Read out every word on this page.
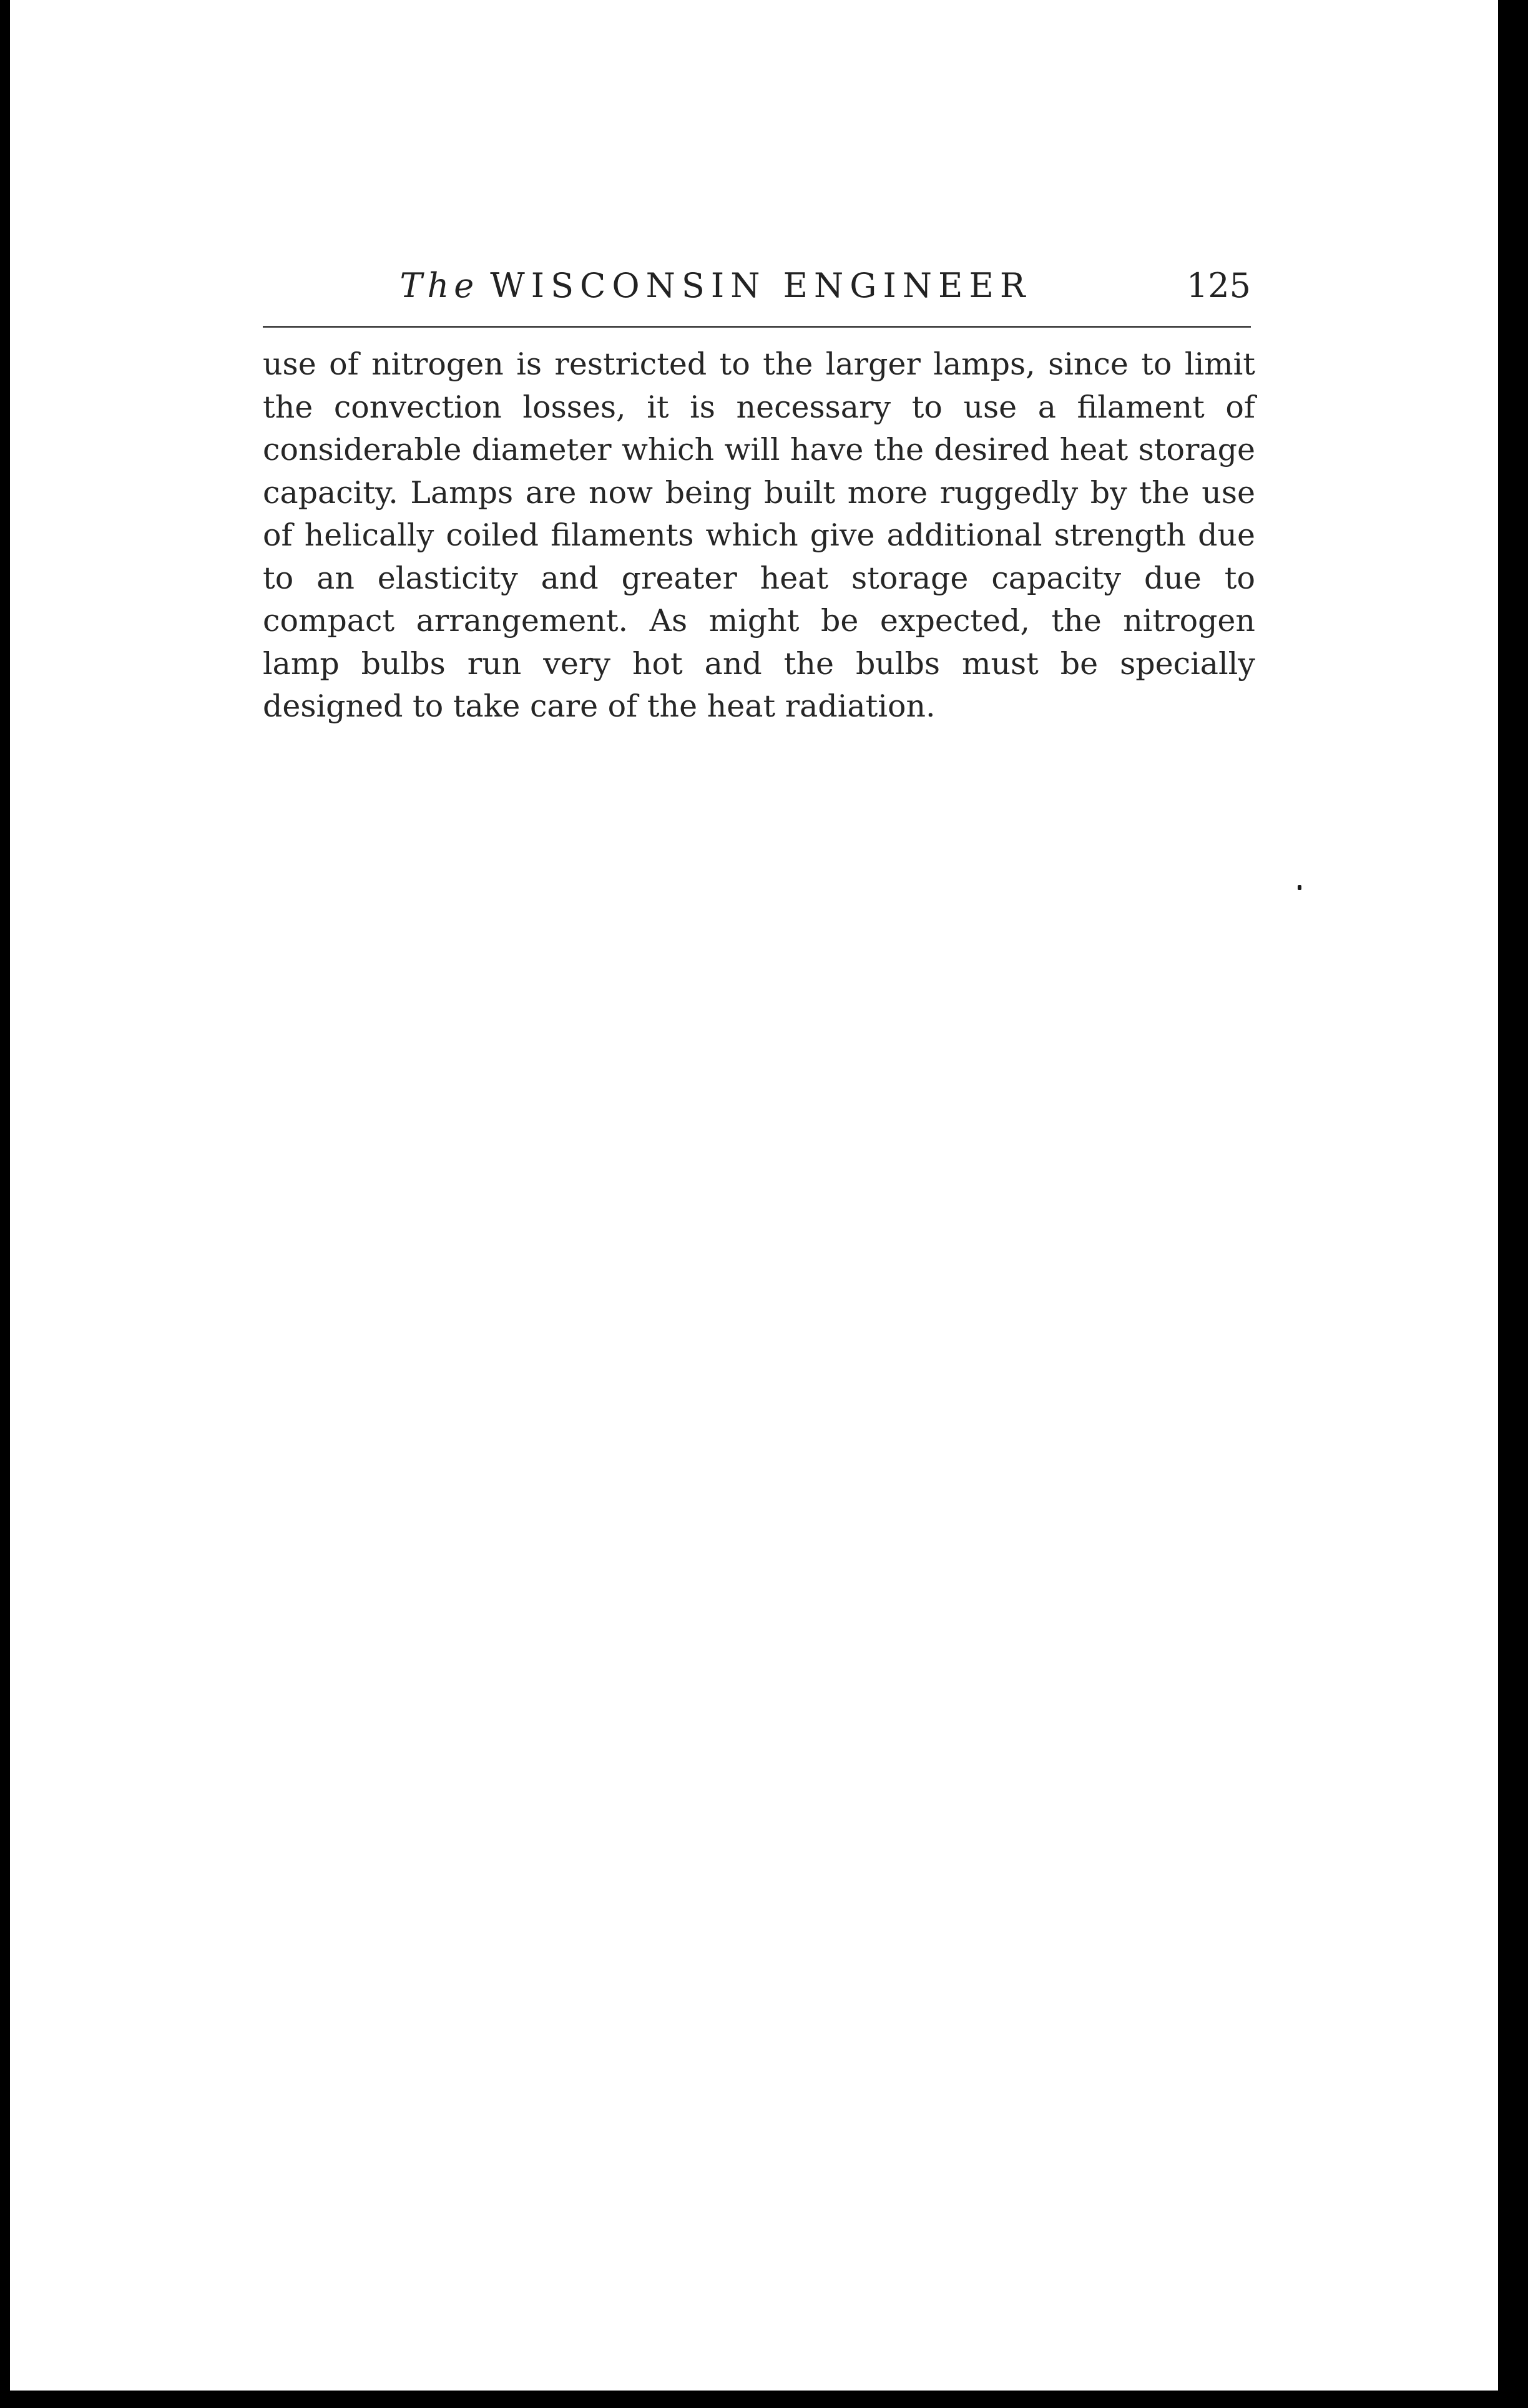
The WISCONSIN ENGINEER	125

use of nitrogen is restricted to the larger lamps, since to limit the convection losses, it is necessary to use a filament of considerable diameter which will have the desired heat storage capacity. Lamps are now being built more ruggedly by the use of helically coiled filaments which give additional strength due to an elasticity and greater heat storage capacity due to compact arrangement. As might be expected, the nitrogen lamp bulbs run very hot and the bulbs must be specially designed to take care of the heat radiation.
